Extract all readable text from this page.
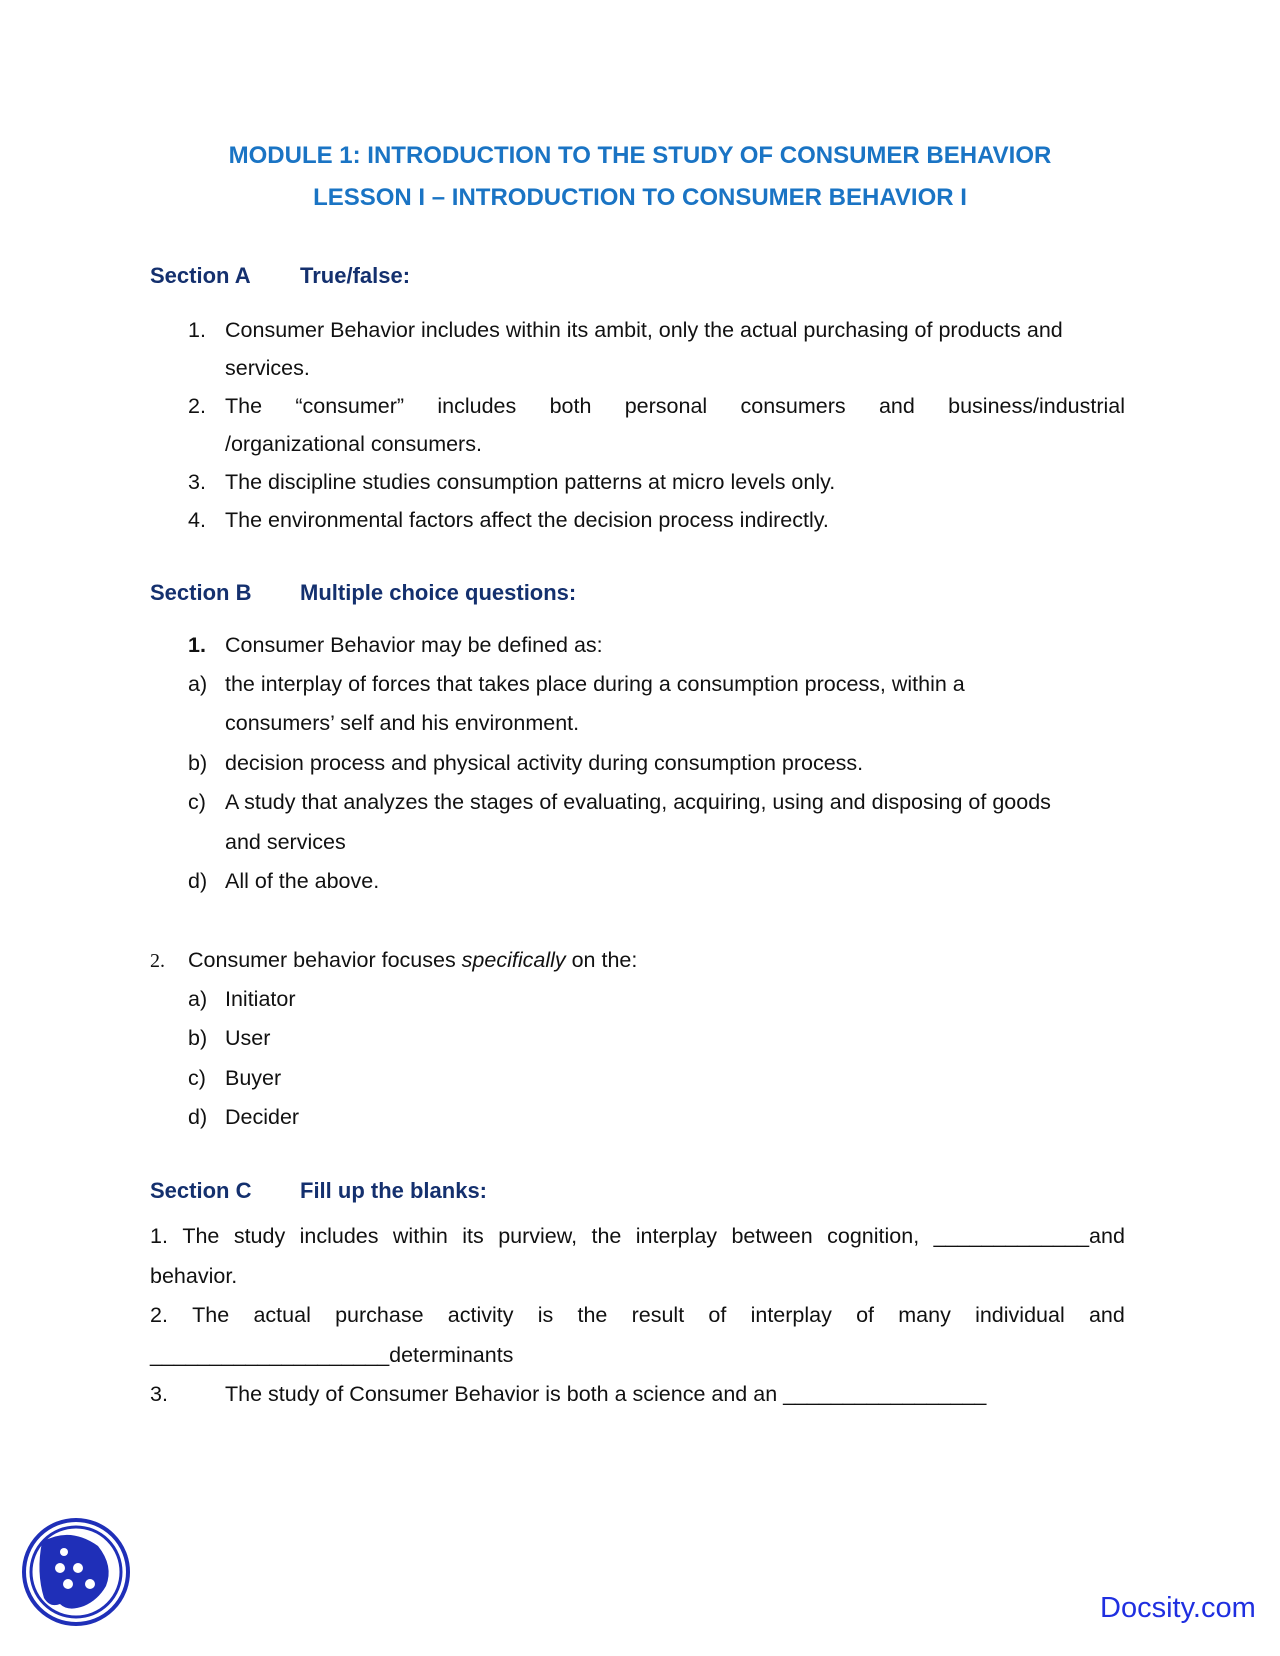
MODULE 1: INTRODUCTION TO THE STUDY OF CONSUMER BEHAVIOR
LESSON I – INTRODUCTION TO CONSUMER BEHAVIOR I
Section A True/false:
1. Consumer Behavior includes within its ambit, only the actual purchasing of products and
services.
2. The “consumer” includes both personal consumers and business/industrial
/organizational consumers.
3. The discipline studies consumption patterns at micro levels only.
4. The environmental factors affect the decision process indirectly.
Section B Multiple choice questions:
1. Consumer Behavior may be defined as:
a) the interplay of forces that takes place during a consumption process, within a
consumers’ self and his environment.
b) decision process and physical activity during consumption process.
c) A study that analyzes the stages of evaluating, acquiring, using and disposing of goods
and services
d) All of the above.
2. Consumer behavior focuses specifically on the:
a) Initiator
b) User
c) Buyer
d) Decider
Section C Fill up the blanks:
1. The study includes within its purview, the interplay between cognition, _____________and
behavior.
2. The actual purchase activity is the result of interplay of many individual and
____________________determinants
3.	The study of Consumer Behavior is both a science and an _________________
Docsity.com
